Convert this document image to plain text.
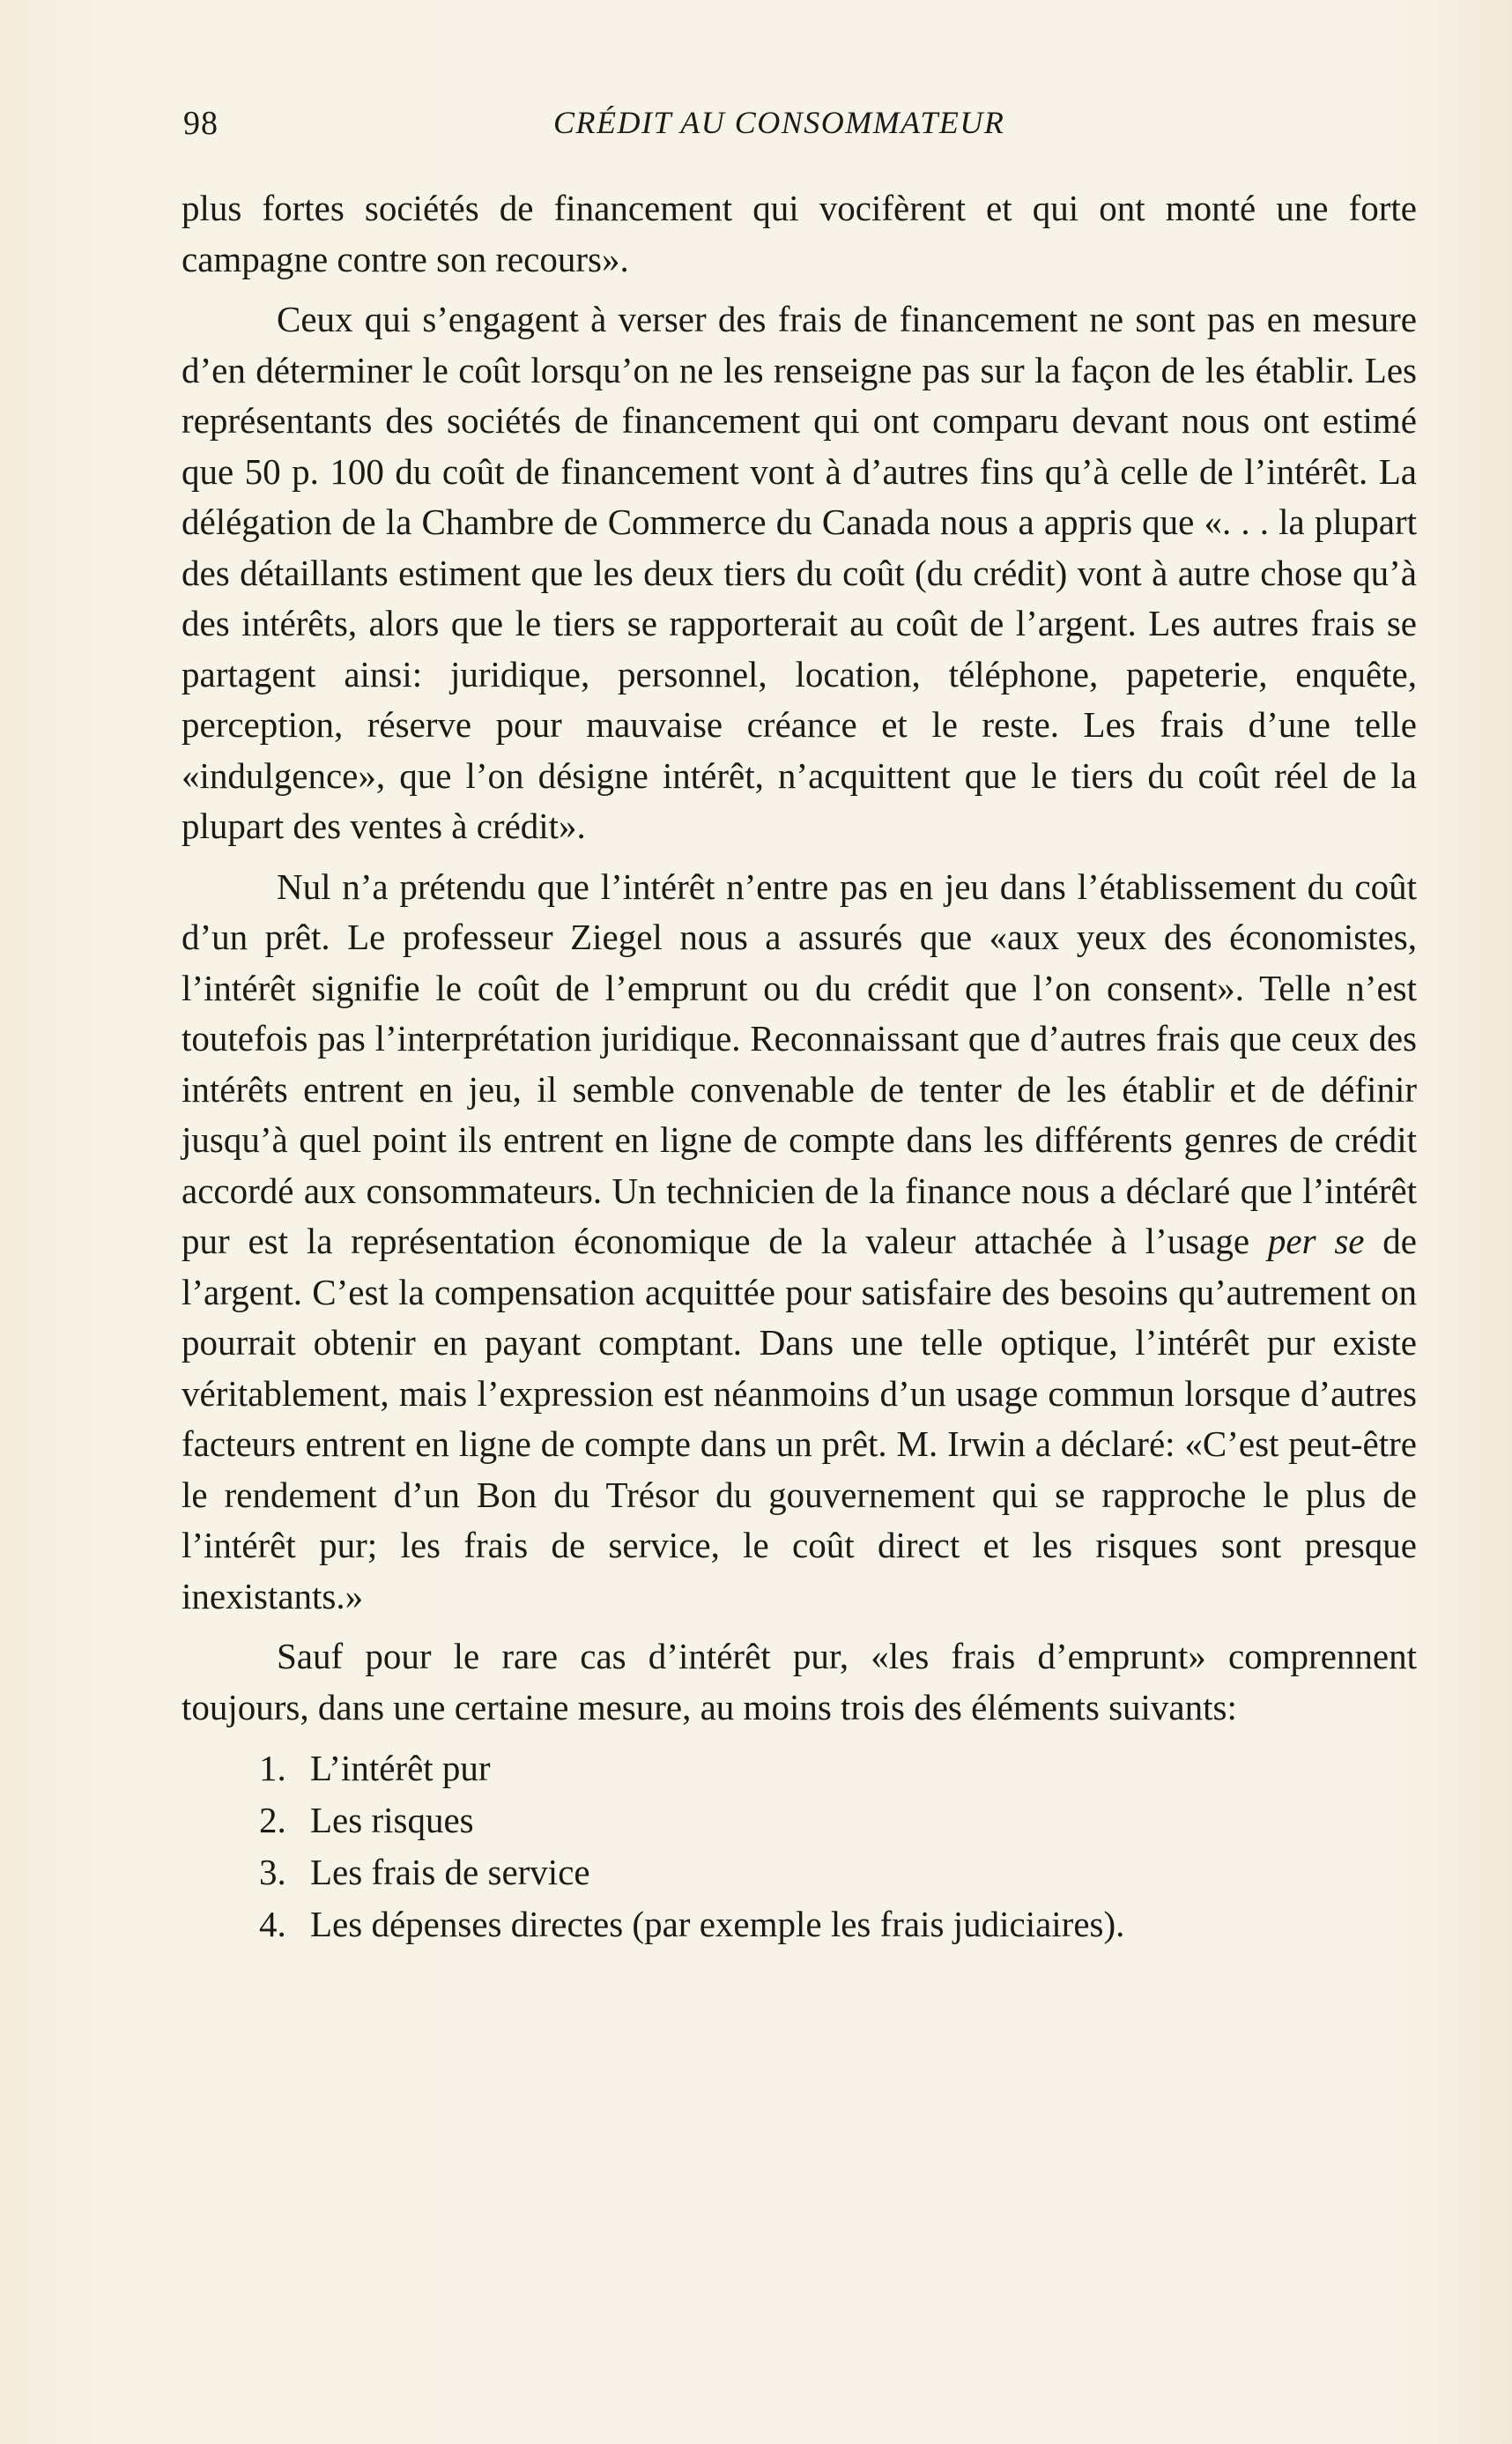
98	CRÉDIT AU CONSOMMATEUR

plus fortes sociétés de financement qui vocifèrent et qui ont monté une forte campagne contre son recours».

Ceux qui s’engagent à verser des frais de financement ne sont pas en mesure d’en déterminer le coût lorsqu’on ne les renseigne pas sur la façon de les établir. Les représentants des sociétés de financement qui ont comparu devant nous ont estimé que 50 p. 100 du coût de financement vont à d’autres fins qu’à celle de l’intérêt. La délégation de la Chambre de Commerce du Canada nous a appris que «. . . la plupart des détaillants estiment que les deux tiers du coût (du crédit) vont à autre chose qu’à des intérêts, alors que le tiers se rapporterait au coût de l’argent. Les autres frais se partagent ainsi: juridique, personnel, location, téléphone, papeterie, enquête, perception, réserve pour mauvaise créance et le reste. Les frais d’une telle «indulgence», que l’on désigne intérêt, n’acquittent que le tiers du coût réel de la plupart des ventes à crédit».

Nul n’a prétendu que l’intérêt n’entre pas en jeu dans l’établissement du coût d’un prêt. Le professeur Ziegel nous a assurés que «aux yeux des économistes, l’intérêt signifie le coût de l’emprunt ou du crédit que l’on consent». Telle n’est toutefois pas l’interprétation juridique. Reconnaissant que d’autres frais que ceux des intérêts entrent en jeu, il semble convenable de tenter de les établir et de définir jusqu’à quel point ils entrent en ligne de compte dans les différents genres de crédit accordé aux consommateurs. Un technicien de la finance nous a déclaré que l’intérêt pur est la représentation économique de la valeur attachée à l’usage per se de l’argent. C’est la compensation acquittée pour satisfaire des besoins qu’autrement on pourrait obtenir en payant comptant. Dans une telle optique, l’intérêt pur existe véritablement, mais l’expression est néanmoins d’un usage commun lorsque d’autres facteurs entrent en ligne de compte dans un prêt. M. Irwin a déclaré: «C’est peut-être le rendement d’un Bon du Trésor du gouvernement qui se rapproche le plus de l’intérêt pur; les frais de service, le coût direct et les risques sont presque inexistants.»

Sauf pour le rare cas d’intérêt pur, «les frais d’emprunt» comprennent toujours, dans une certaine mesure, au moins trois des éléments suivants:

1. L’intérêt pur
2. Les risques
3. Les frais de service
4. Les dépenses directes (par exemple les frais judiciaires).
